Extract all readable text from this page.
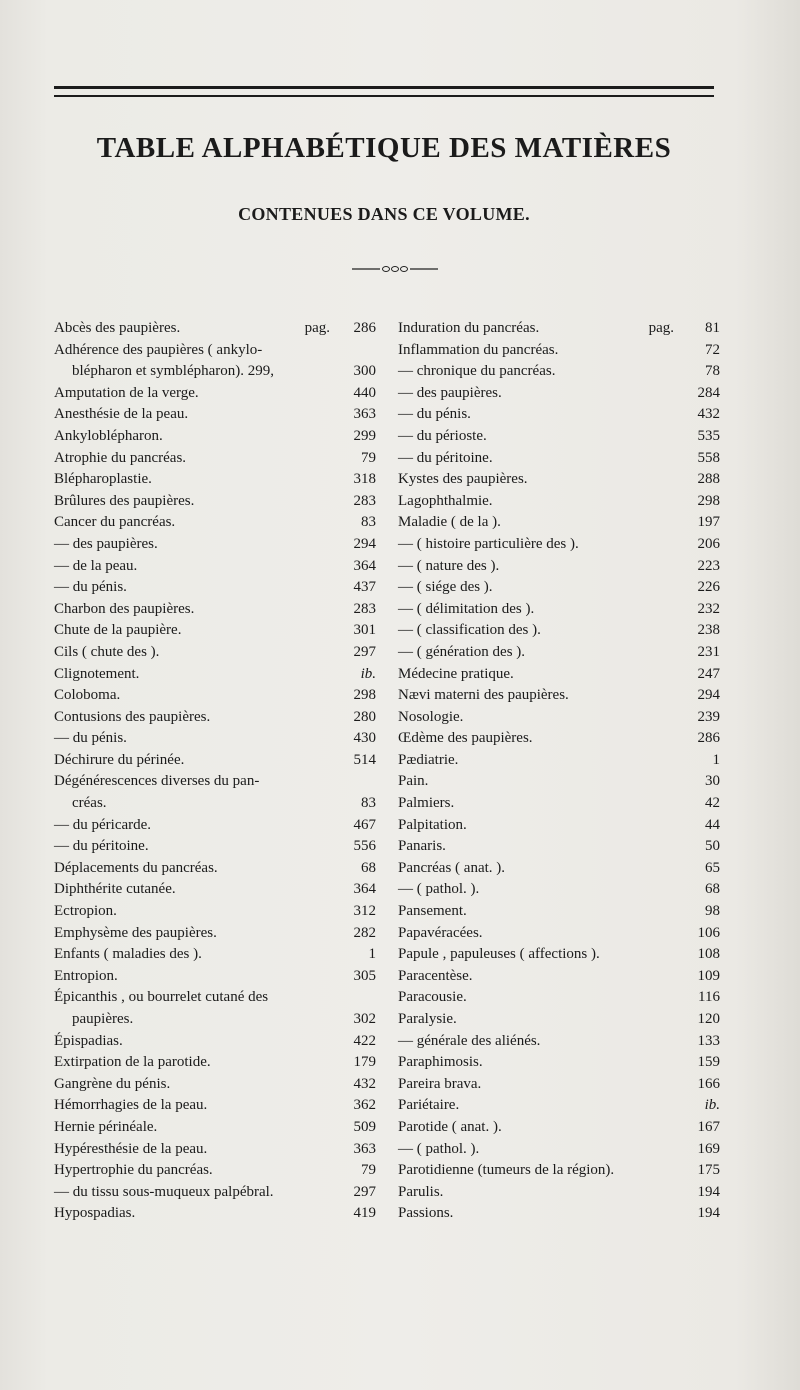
TABLE ALPHABÉTIQUE DES MATIÈRES
CONTENUES DANS CE VOLUME.
Abcès des paupières.	pag. 286
Adhérence des paupières ( ankylo-
blépharon et symblépharon). 299,	300
Amputation de la verge.	440
Anesthésie de la peau.	363
Ankyloblépharon.	299
Atrophie du pancréas.	79
Blépharoplastie.	318
Brûlures des paupières.	283
Cancer du pancréas.	83
— des paupières.	294
— de la peau.	364
— du pénis.	437
Charbon des paupières.	283
Chute de la paupière.	301
Cils ( chute des ).	297
Clignotement.	ib.
Coloboma.	298
Contusions des paupières.	280
— du pénis.	430
Déchirure du périnée.	514
Dégénérescences diverses du pan-
créas.	83
— du péricarde.	467
— du péritoine.	556
Déplacements du pancréas.	68
Diphthérite cutanée.	364
Ectropion.	312
Emphysème des paupières.	282
Enfants ( maladies des ).	1
Entropion.	305
Épicanthis , ou bourrelet cutané des
paupières.	302
Épispadias.	422
Extirpation de la parotide.	179
Gangrène du pénis.	432
Hémorrhagies de la peau.	362
Hernie périnéale.	509
Hypéresthésie de la peau.	363
Hypertrophie du pancréas.	79
— du tissu sous-muqueux palpébral.	297
Hypospadias.	419
Induration du pancréas.	pag. 81
Inflammation du pancréas.	72
— chronique du pancréas.	78
— des paupières.	284
— du pénis.	432
— du périoste.	535
— du péritoine.	558
Kystes des paupières.	288
Lagophthalmie.	298
Maladie ( de la ).	197
— ( histoire particulière des ).	206
— ( nature des ).	223
— ( siége des ).	226
— ( délimitation des ).	232
— ( classification des ).	238
— ( génération des ).	231
Médecine pratique.	247
Nævi materni des paupières.	294
Nosologie.	239
Œdème des paupières.	286
Pædiatrie.	1
Pain.	30
Palmiers.	42
Palpitation.	44
Panaris.	50
Pancréas ( anat. ).	65
— ( pathol. ).	68
Pansement.	98
Papavéracées.	106
Papule , papuleuses ( affections ).	108
Paracentèse.	109
Paracousie.	116
Paralysie.	120
— générale des aliénés.	133
Paraphimosis.	159
Pareira brava.	166
Pariétaire.	ib.
Parotide ( anat. ).	167
— ( pathol. ).	169
Parotidienne (tumeurs de la région).	175
Parulis.	194
Passions.	194
